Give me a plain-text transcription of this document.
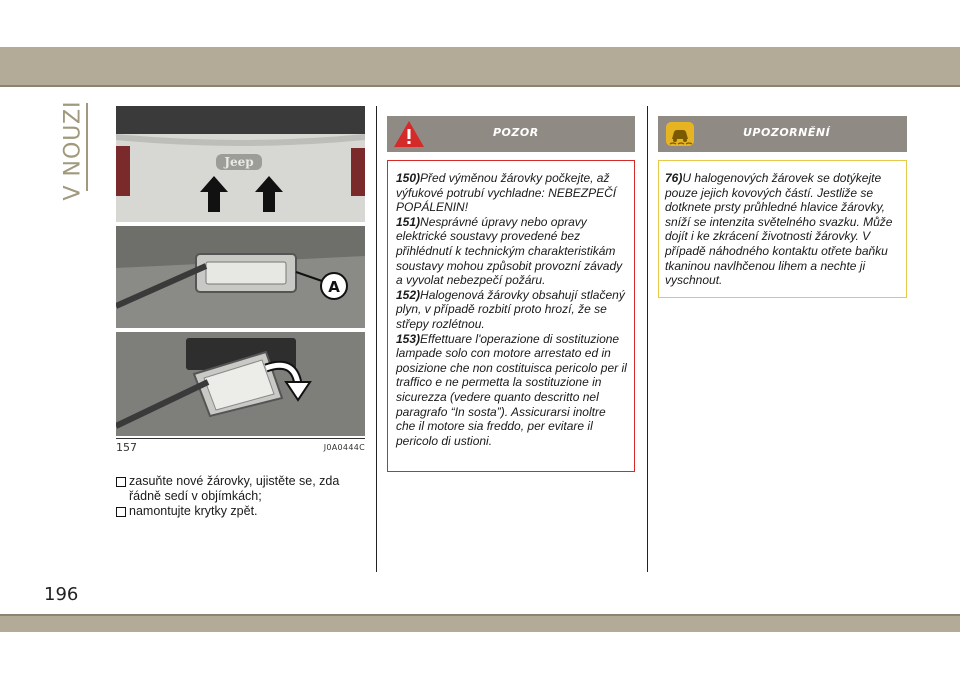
V NOUZI	Jeep
A
157	J0A0444C
zasuňte nové žárovky, ujistěte se, zda řádně sedí v objímkách;
namontujte krytky zpět.
POZOR

150)Před výměnou žárovky počkejte, až výfukové potrubí vychladne: NEBEZPEČÍ POPÁLENIN!

151)Nesprávné úpravy nebo opravy elektrické soustavy provedené bez přihlédnutí k technickým charakteristikám soustavy mohou způsobit provozní závady a vyvolat nebezpečí požáru.

152)Halogenová žárovky obsahují stlačený plyn, v případě rozbití proto hrozí, že se střepy rozlétnou.

153)Effettuare l'operazione di sostituzione lampade solo con motore arrestato ed in posizione che non costituisca pericolo per il traffico e ne permetta la sostituzione in sicurezza (vedere quanto descritto nel paragrafo “In sosta”). Assicurarsi inoltre che il motore sia freddo, per evitare il pericolo di ustioni.

UPOZORNĚNÍ

76)U halogenových žárovek se dotýkejte pouze jejich kovových částí. Jestliže se dotknete prsty průhledné hlavice žárovky, sníží se intenzita světelného svazku. Může dojít i ke zkrácení životnosti žárovky. V případě náhodného kontaktu otřete baňku tkaninou navlhčenou lihem a nechte ji vyschnout.

196
